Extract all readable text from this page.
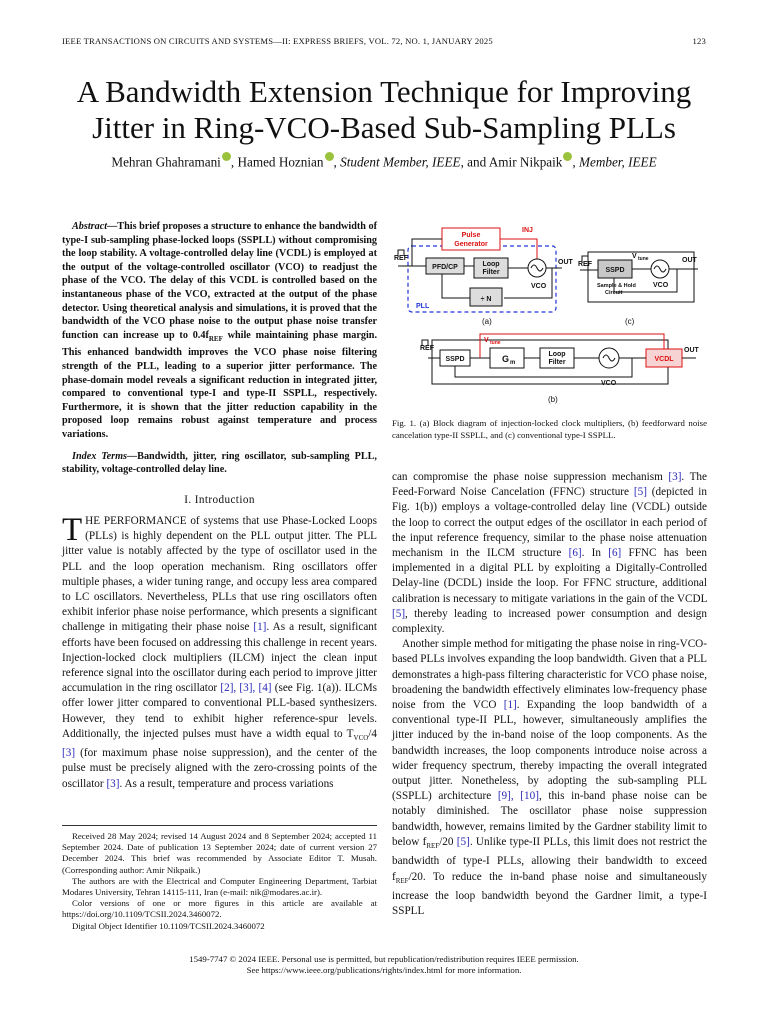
IEEE TRANSACTIONS ON CIRCUITS AND SYSTEMS—II: EXPRESS BRIEFS, VOL. 72, NO. 1, JANUARY 2025	123
A Bandwidth Extension Technique for Improving
Jitter in Ring-VCO-Based Sub-Sampling PLLs
Mehran Ghahramani , Hamed Hoznian , Student Member, IEEE, and Amir Nikpaik , Member, IEEE
Abstract—This brief proposes a structure to enhance the bandwidth of type-I sub-sampling phase-locked loops (SSPLL) without compromising the loop stability. A voltage-controlled delay line (VCDL) is employed at the output of the voltage-controlled oscillator (VCO) to readjust the phase of the VCO. The delay of this VCDL is controlled based on the instantaneous phase of the VCO, extracted at the output of the phase detector. Using theoretical analysis and simulations, it is proved that the bandwidth of the VCO phase noise to the output phase noise transfer function can increase up to $0.4f_{REF}$ while maintaining phase margin. This enhanced bandwidth improves the VCO phase noise filtering strength of the PLL, leading to a superior jitter performance. The phase-domain model reveals a significant reduction in integrated jitter, compared to conventional type-I and type-II SSPLL, respectively. Furthermore, it is shown that the jitter reduction capability in the proposed loop remains robust against temperature and process variations.
Index Terms—Bandwidth, jitter, ring oscillator, sub-sampling PLL, stability, voltage-controlled delay line.
I. Introduction
THE PERFORMANCE of systems that use Phase-Locked Loops (PLLs) is highly dependent on the PLL output jitter. The PLL jitter value is notably affected by the type of oscillator used in the PLL and the loop operation mechanism. Ring oscillators offer multiple phases, a wider tuning range, and occupy less area compared to LC oscillators. Nevertheless, PLLs that use ring oscillators often exhibit inferior phase noise performance, which presents a significant challenge in mitigating their phase noise [1]. As a result, significant efforts have been focused on addressing this challenge in recent years. Injection-locked clock multipliers (ILCM) inject the clean input reference signal into the oscillator during each period to improve jitter accumulation in the ring oscillator [2], [3], [4] (see Fig. 1(a)). ILCMs offer lower jitter compared to conventional PLL-based synthesizers. However, they tend to exhibit higher reference-spur levels. Additionally, the injected pulses must have a width equal to $T_{VCO}/4$ [3] (for maximum phase noise suppression), and the center of the pulse must be precisely aligned with the zero-crossing points of the oscillator [3]. As a result, temperature and process variations

Received 28 May 2024; revised 14 August 2024 and 8 September 2024; accepted 11 September 2024. Date of publication 13 September 2024; date of current version 27 December 2024. This brief was recommended by Associate Editor T. Musah. (Corresponding author: Amir Nikpaik.)

The authors are with the Electrical and Computer Engineering Department, Tarbiat Modares University, Tehran 14115-111, Iran (e-mail: nik@modares.ac.ir).

Color versions of one or more figures in this article are available at https://doi.org/10.1109/TCSII.2024.3460072.

Digital Object Identifier 10.1109/TCSII.2024.3460072

Pulse
Generator
INJ
REF
PFD/CP	Loop
Filter
VCO
OUT
÷ N
PLL
(a)
REF
SSPD
V tune	OUT
Sample & Hold
Circuit
VCO
(c)
REF
SSPD	G m
Loop
Filter	VCDL
V tune
OUT
VCO
(b)
Fig. 1. (a) Block diagram of injection-locked clock multipliers, (b) feedforward noise cancelation type-II SSPLL, and (c) conventional type-I SSPLL.
can compromise the phase noise suppression mechanism [3]. The Feed-Forward Noise Cancelation (FFNC) structure [5] (depicted in Fig. 1(b)) employs a voltage-controlled delay line (VCDL) outside the loop to correct the output edges of the oscillator in each period of the input reference frequency, similar to the phase noise attenuation mechanism in the ILCM structure [6]. In [6] FFNC has been implemented in a digital PLL by exploiting a Digitally-Controlled Delay-line (DCDL) inside the loop. For FFNC structure, additional calibration is necessary to mitigate variations in the gain of the VCDL [5], thereby leading to increased power consumption and design complexity.
Another simple method for mitigating the phase noise in ring-VCO-based PLLs involves expanding the loop bandwidth. Given that a PLL demonstrates a high-pass filtering characteristic for VCO phase noise, broadening the bandwidth effectively eliminates low-frequency phase noise from the VCO [1]. Expanding the loop bandwidth of a conventional type-II PLL, however, simultaneously amplifies the jitter induced by the in-band noise of the loop components. As the bandwidth increases, the loop components introduce noise across a wider frequency spectrum, thereby impacting the overall integrated output jitter. Nonetheless, by adopting the sub-sampling PLL (SSPLL) architecture [9], [10], this in-band phase noise can be notably diminished. The oscillator phase noise suppression bandwidth, however, remains limited by the Gardner stability limit to below $f_{REF}/20$ [5]. Unlike type-II PLLs, this limit does not restrict the bandwidth of type-I PLLs, allowing their bandwidth to exceed $f_{REF}/20$. To reduce the in-band phase noise and simultaneously increase the loop bandwidth beyond the Gardner limit, a type-I SSPLL
1549-7747 © 2024 IEEE. Personal use is permitted, but republication/redistribution requires IEEE permission.
See https://www.ieee.org/publications/rights/index.html for more information.
